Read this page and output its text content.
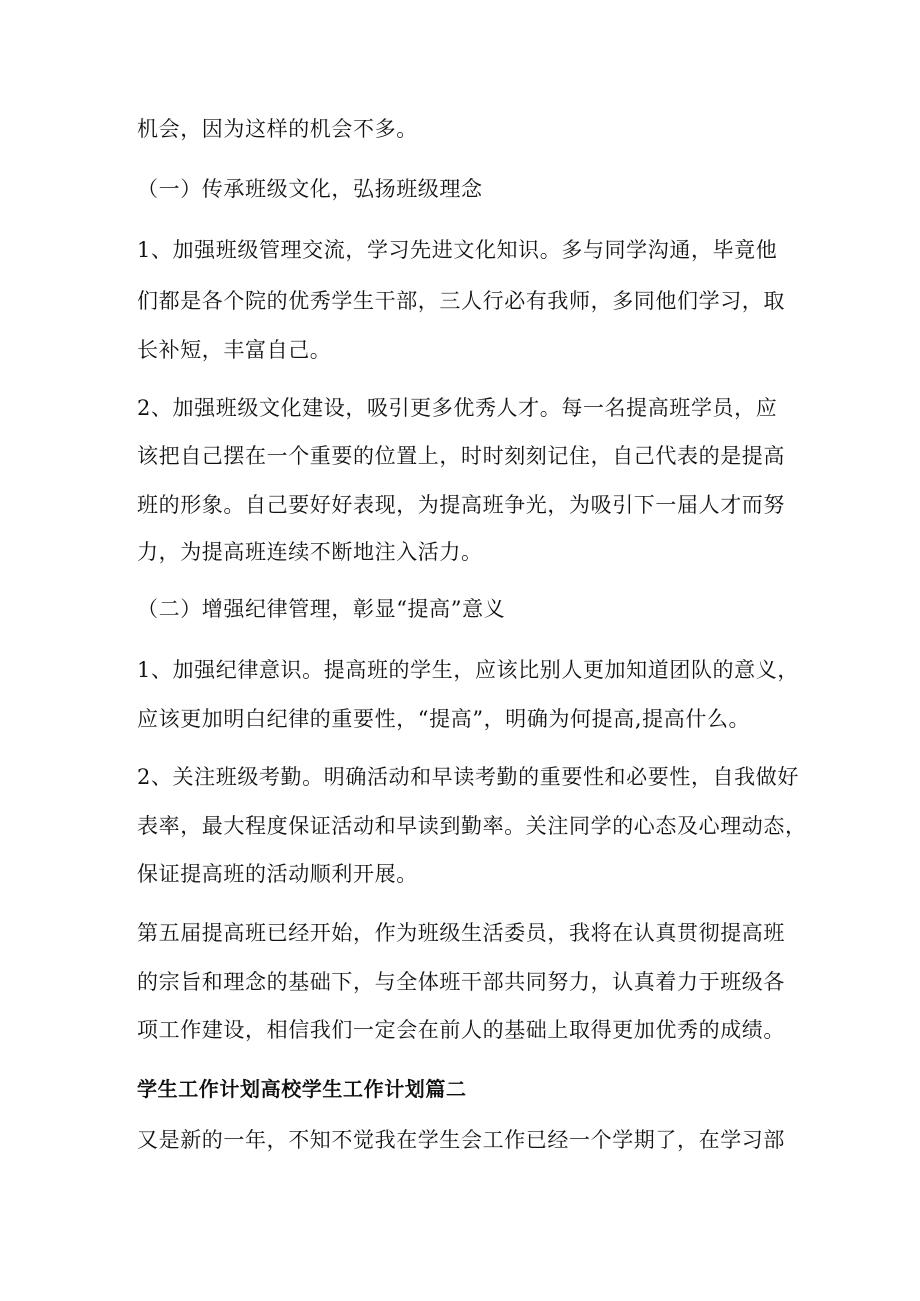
机会，因为这样的机会不多。
（一）传承班级文化，弘扬班级理念
1、加强班级管理交流，学习先进文化知识。多与同学沟通，毕竟他
们都是各个院的优秀学生干部，三人行必有我师，多同他们学习，取
长补短，丰富自己。
2、加强班级文化建设，吸引更多优秀人才。每一名提高班学员，应
该把自己摆在一个重要的位置上，时时刻刻记住，自己代表的是提高
班的形象。自己要好好表现，为提高班争光，为吸引下一届人才而努
力，为提高班连续不断地注入活力。
（二）增强纪律管理，彰显“提高”意义
1、加强纪律意识。提高班的学生，应该比别人更加知道团队的意义，
应该更加明白纪律的重要性，“提高”，明确为何提高,提高什么。
2、关注班级考勤。明确活动和早读考勤的重要性和必要性，自我做好
表率，最大程度保证活动和早读到勤率。关注同学的心态及心理动态，
保证提高班的活动顺利开展。
第五届提高班已经开始，作为班级生活委员，我将在认真贯彻提高班
的宗旨和理念的基础下，与全体班干部共同努力，认真着力于班级各
项工作建设，相信我们一定会在前人的基础上取得更加优秀的成绩。
学生工作计划高校学生工作计划篇二
又是新的一年，不知不觉我在学生会工作已经一个学期了，在学习部
